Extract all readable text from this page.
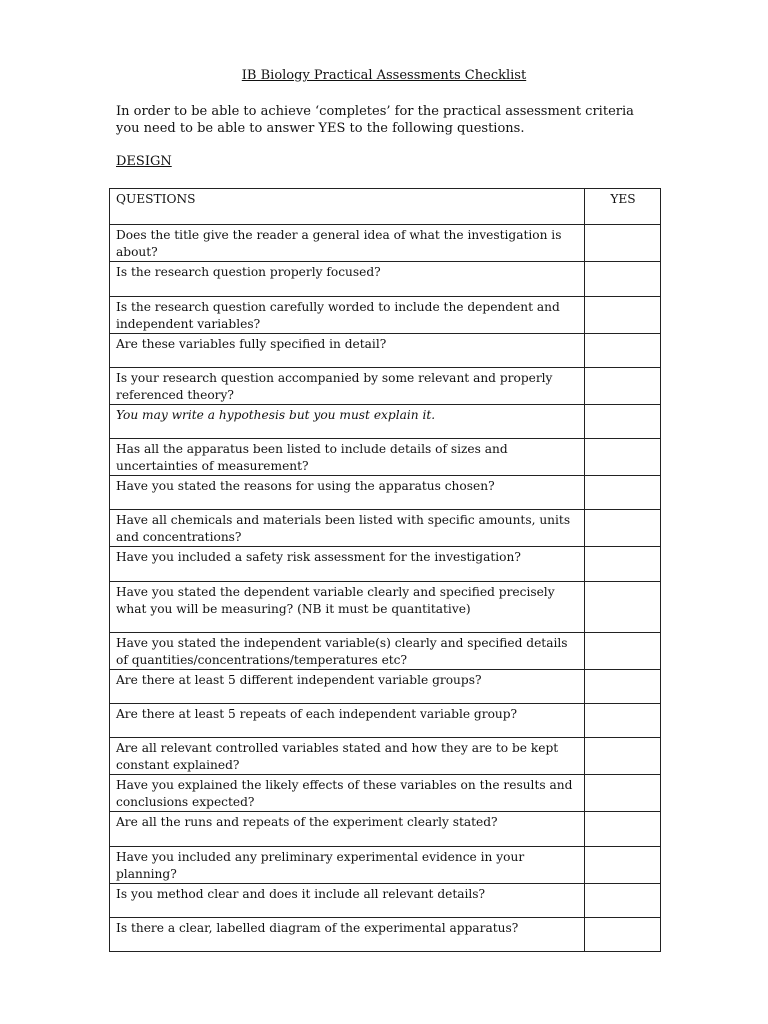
IB Biology Practical Assessments Checklist

In order to be able to achieve ‘completes’ for the practical assessment criteria

you need to be able to answer YES to the following questions.

DESIGN
QUESTIONS	YES
Does the title give the reader a general idea of what the investigation is about?	
Is the research question properly focused?	
Is the research question carefully worded to include the dependent and independent variables?	
Are these variables fully specified in detail?	
Is your research question accompanied by some relevant and properly referenced theory?	
You may write a hypothesis but you must explain it.	
Has all the apparatus been listed to include details of sizes and uncertainties of measurement?	
Have you stated the reasons for using the apparatus chosen?	
Have all chemicals and materials been listed with specific amounts, units and concentrations?	
Have you included a safety risk assessment for the investigation?	
Have you stated the dependent variable clearly and specified precisely what you will be measuring? (NB it must be quantitative)	
Have you stated the independent variable(s) clearly and specified details of quantities/concentrations/temperatures etc?	
Are there at least 5 different independent variable groups?	
Are there at least 5 repeats of each independent variable group?	
Are all relevant controlled variables stated and how they are to be kept constant explained?	
Have you explained the likely effects of these variables on the results and conclusions expected?	
Are all the runs and repeats of the experiment clearly stated?	
Have you included any preliminary experimental evidence in your planning?	
Is you method clear and does it include all relevant details?	
Is there a clear, labelled diagram of the experimental apparatus?	
